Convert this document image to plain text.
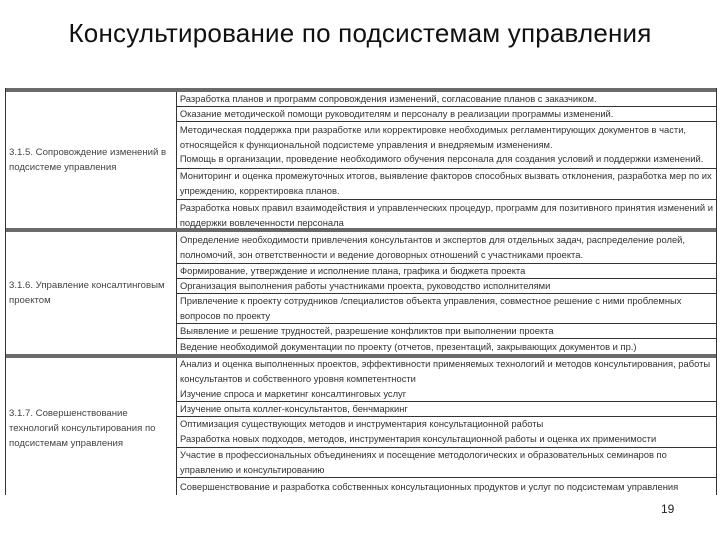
Консультирование по подсистемам управления
3.1.5. Сопровождение изменений в подсистеме управления
Разработка планов и программ сопровождения изменений, согласование планов с заказчиком.
Оказание методической помощи руководителям и персоналу в реализации программы изменений.
Методическая поддержка при разработке или корректировке необходимых регламентирующих документов в части,
относящейся к функциональной подсистеме управления и внедряемым изменениям.
Помощь в организации, проведение необходимого обучения персонала для создания условий и поддержки изменений.
Мониторинг и оценка промежуточных итогов, выявление факторов способных вызвать отклонения, разработка мер по их
упреждению, корректировка планов.
Разработка новых правил взаимодействия и управленческих процедур, программ для позитивного принятия изменений и
поддержки вовлеченности персонала
3.1.6. Управление консалтинговым проектом
Определение необходимости привлечения консультантов и экспертов для отдельных задач, распределение ролей,
полномочий, зон ответственности и ведение договорных отношений с участниками проекта.
Формирование, утверждение и исполнение плана, графика и бюджета проекта
Организация выполнения работы участниками проекта, руководство исполнителями
Привлечение к проекту сотрудников /специалистов объекта управления, совместное решение с ними проблемных
вопросов по проекту
Выявление и решение трудностей, разрешение конфликтов при выполнении проекта
Ведение необходимой документации по проекту (отчетов, презентаций, закрывающих документов и пр.)
3.1.7. Совершенствование технологий консультирования по подсистемам управления
Анализ и оценка выполненных проектов, эффективности применяемых технологий и методов консультирования, работы
консультантов и собственного уровня компетентности
Изучение спроса и маркетинг консалтинговых услуг
Изучение опыта коллег-консультантов, бенчмаркинг
Оптимизация существующих методов и инструментария консультационной работы
Разработка новых подходов, методов, инструментария консультационной работы и оценка их применимости
Участие в профессиональных объединениях и посещение методологических и образовательных семинаров по
управлению и консультированию
Совершенствование и разработка собственных консультационных продуктов и услуг по подсистемам управления
19
